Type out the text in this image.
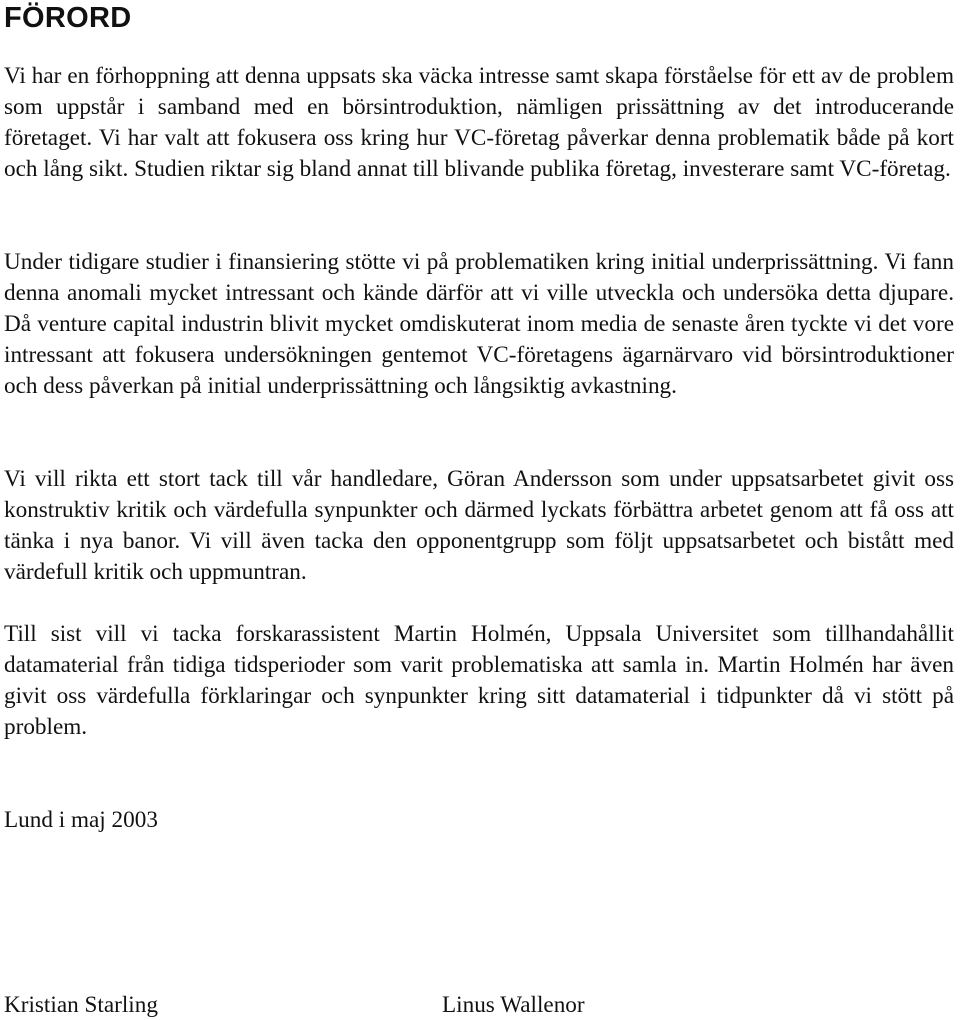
FÖRORD

Vi har en förhoppning att denna uppsats ska väcka intresse samt skapa förståelse för ett av de problem som uppstår i samband med en börsintroduktion, nämligen prissättning av det introducerande företaget. Vi har valt att fokusera oss kring hur VC-företag påverkar denna problematik både på kort och lång sikt. Studien riktar sig bland annat till blivande publika företag, investerare samt VC-företag.

Under tidigare studier i finansiering stötte vi på problematiken kring initial underprissättning. Vi fann denna anomali mycket intressant och kände därför att vi ville utveckla och undersöka detta djupare. Då venture capital industrin blivit mycket omdiskuterat inom media de senaste åren tyckte vi det vore intressant att fokusera undersökningen gentemot VC-företagens ägarnärvaro vid börsintroduktioner och dess påverkan på initial underprissättning och långsiktig avkastning.

Vi vill rikta ett stort tack till vår handledare, Göran Andersson som under uppsatsarbetet givit oss konstruktiv kritik och värdefulla synpunkter och därmed lyckats förbättra arbetet genom att få oss att tänka i nya banor. Vi vill även tacka den opponentgrupp som följt uppsatsarbetet och bistått med värdefull kritik och uppmuntran.

Till sist vill vi tacka forskarassistent Martin Holmén, Uppsala Universitet som tillhandahållit datamaterial från tidiga tidsperioder som varit problematiska att samla in. Martin Holmén har även givit oss värdefulla förklaringar och synpunkter kring sitt datamaterial i tidpunkter då vi stött på problem.

Lund i maj 2003

Kristian Starling	Linus Wallenor
